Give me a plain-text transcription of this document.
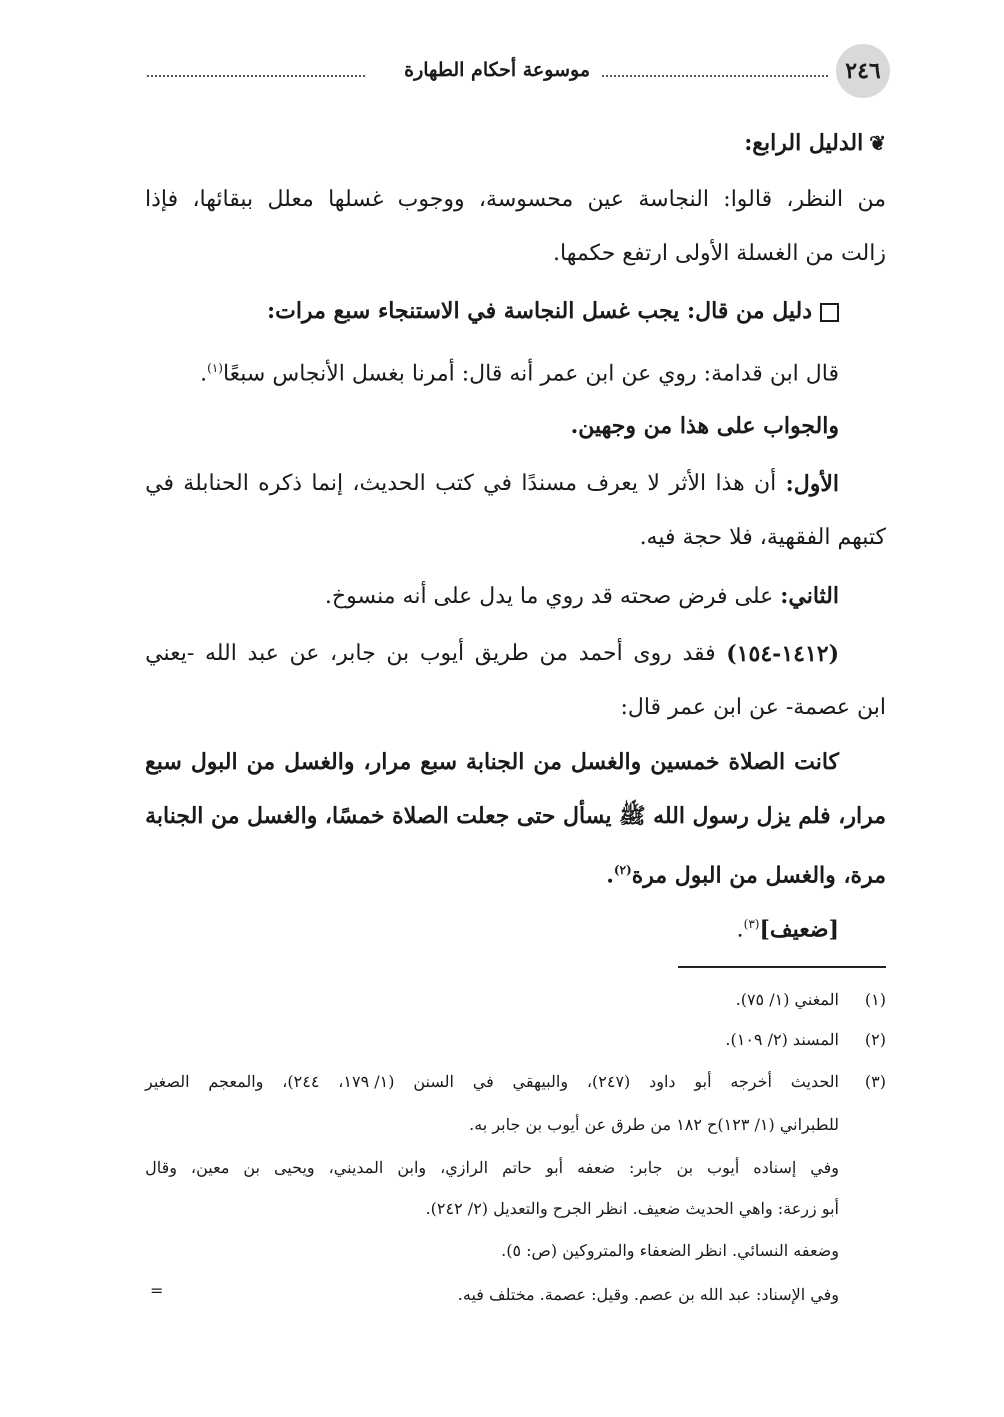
٢٤٦
موسوعة أحكام الطهارة
❦الدليل الرابع:
من
النظر،
قالوا:
النجاسة
عين
محسوسة،
ووجوب
غسلها
معلل
ببقائها،
فإذا
زالت من الغسلة الأولى ارتفع حكمها.
دليل من قال: يجب غسل النجاسة في الاستنجاء سبع مرات:
قال ابن قدامة: روي عن ابن عمر أنه قال: أمرنا بغسل الأنجاس سبعًا$^{(١)}$.
والجواب على هذا من وجهين.
الأول:
أن
هذا
الأثر
لا
يعرف
مسندًا
في
كتب
الحديث،
إنما
ذكره
الحنابلة
في
كتبهم الفقهية، فلا حجة فيه.
الثاني: على فرض صحته قد روي ما يدل على أنه منسوخ.
(١٤١٢-١٥٤)
فقد
روى
أحمد
من
طريق
أيوب
بن
جابر،
عن
عبد
الله
-يعني
ابن عصمة- عن ابن عمر قال:
كانت
الصلاة
خمسين
والغسل
من
الجنابة
سبع
مرار،
والغسل
من
البول
سبع
مرار،
فلم
يزل
رسول
الله
ﷺ
يسأل
حتى
جعلت
الصلاة
خمسًا،
والغسل
من
الجنابة
مرة، والغسل من البول مرة$^{(٢)}$.
[ضعيف]$^{(٣)}$.
(١)
المغني (١/ ٧٥).
(٢)
المسند (٢/ ١٠٩).
(٣)
الحديث
أخرجه
أبو
داود
(٢٤٧)،
والبيهقي
في
السنن
(١/ ١٧٩،
٢٤٤)،
والمعجم
الصغير
للطبراني (١/ ١٢٣)ح ١٨٢ من طرق عن أيوب بن جابر به.
وفي
إسناده
أيوب
بن
جابر:
ضعفه
أبو
حاتم
الرازي،
وابن
المديني،
ويحيى
بن
معين،
وقال
أبو زرعة: واهي الحديث ضعيف. انظر الجرح والتعديل (٢/ ٢٤٢).
وضعفه النسائي. انظر الضعفاء والمتروكين (ص: ٥).
وفي الإسناد: عبد الله بن عصم. وقيل: عصمة. مختلف فيه.
=
